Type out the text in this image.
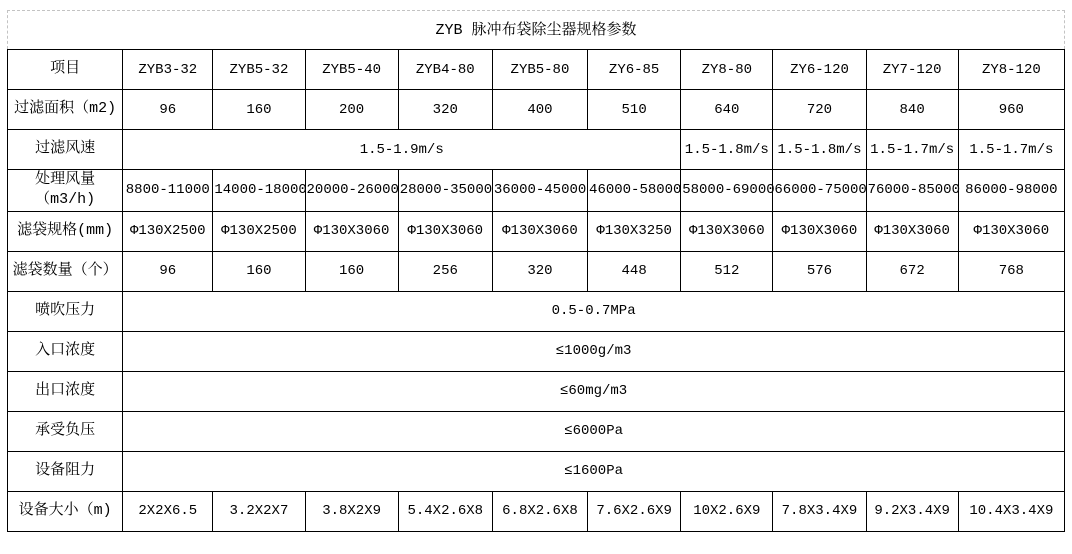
ZYB 脉冲布袋除尘器规格参数
项目	ZYB3-32	ZYB5-32	ZYB5-40	ZYB4-80	ZYB5-80	ZY6-85	ZY8-80	ZY6-120	ZY7-120	ZY8-120
过滤面积（m2)	96	160	200	320	400	510	640	720	840	960
过滤风速	1.5-1.9m/s						1.5-1.8m/s	1.5-1.8m/s	1.5-1.7m/s	1.5-1.7m/s
处理风量（m3/h)	8800-11000	14000-18000	20000-26000	28000-35000	36000-45000	46000-58000	58000-69000	66000-75000	76000-85000	86000-98000
滤袋规格(mm)	Φ130X2500	Φ130X2500	Φ130X3060	Φ130X3060	Φ130X3060	Φ130X3250	Φ130X3060	Φ130X3060	Φ130X3060	Φ130X3060
滤袋数量（个）	96	160	160	256	320	448	512	576	672	768
喷吹压力	0.5-0.7MPa									
入口浓度	≤1000g/m3									
出口浓度	≤60mg/m3									
承受负压	≤6000Pa									
设备阻力	≤1600Pa									
设备大小（m)	2X2X6.5	3.2X2X7	3.8X2X9	5.4X2.6X8	6.8X2.6X8	7.6X2.6X9	10X2.6X9	7.8X3.4X9	9.2X3.4X9	10.4X3.4X9
